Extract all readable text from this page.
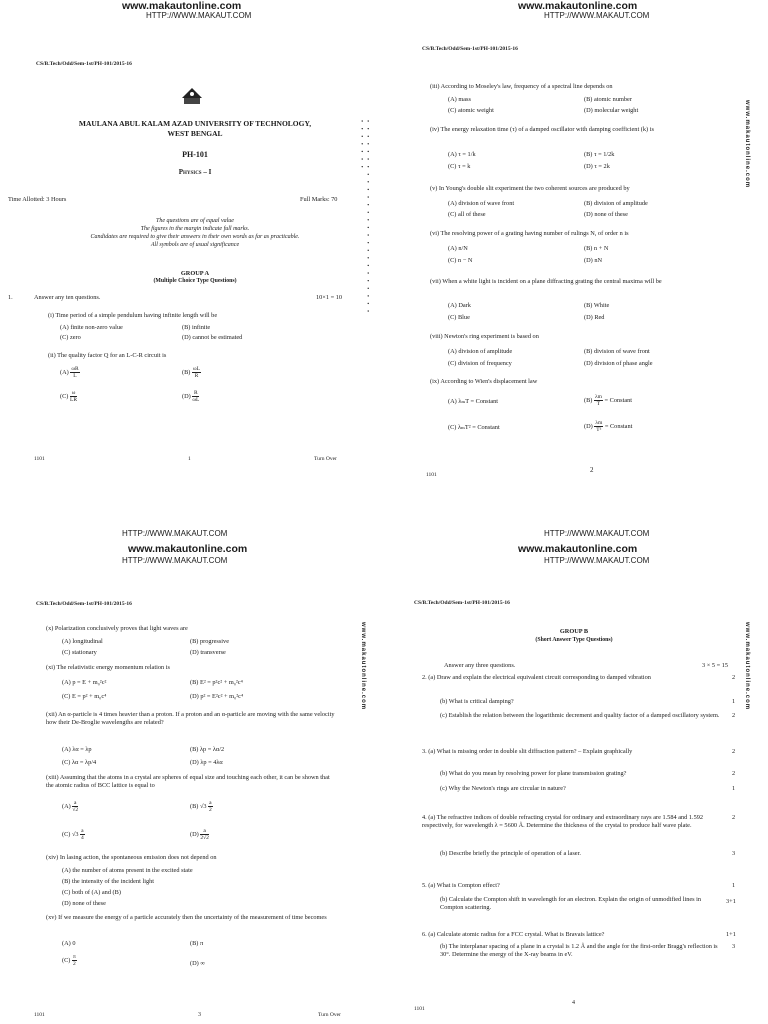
www.makautonline.com
HTTP://WWW.MAKAUT.COM
CS/B.Tech/Odd/Sem-1st/PH-101/2015-16
MAULANA ABUL KALAM AZAD UNIVERSITY OF TECHNOLOGY,
WEST BENGAL
PH-101
Physics – I
Time Allotted: 3 Hours	Full Marks: 70
The questions are of equal value
The figures in the margin indicate full marks.
Candidates are required to give their answers in their own words as far as practicable.
All symbols are of usual significance
GROUP A
(Multiple Choice Type Questions)
1.	Answer any ten questions.	10×1 = 10
(i) Time period of a simple pendulum having infinite length will be
(A) finite non-zero value	(B) infinite
(C) zero	(D) cannot be estimated
(ii) The quality factor Q for an L-C-R circuit is
$(A) \frac{\omega R}{L}$	$(B) \frac{\omega L}{R}$
$(C) \frac{\omega}{LR}$	$(D) \frac{R}{\omega L}$
1101	1	Turn Over
• • • • • • • • • • • • • • • • • • • • • • • • • • • • • • • • •
www.makautonline.com
HTTP://WWW.MAKAUT.COM
CS/B.Tech/Odd/Sem-1st/PH-101/2015-16
(iii) According to Moseley's law, frequency of a spectral line depends on
(A) mass	(B) atomic number
(C) atomic weight	(D) molecular weight
(iv) The energy relaxation time (τ) of a damped oscillator with damping coefficient (k) is
(A) τ = 1/k	(B) τ = 1/2k
(C) τ = k	(D) τ = 2k
(v) In Young's double slit experiment the two coherent sources are produced by
(A) division of wave front	(B) division of amplitude
(C) all of these	(D) none of these
(vi) The resolving power of a grating having number of rulings N, of order n is
(A) n/N	(B) n + N
(C) n − N	(D) nN
(vii) When a white light is incident on a plane diffracting grating the central maxima will be
(A) Dark	(B) White
(C) Blue	(D) Red
(viii) Newton's ring experiment is based on
(A) division of amplitude	(B) division of wave front
(C) division of frequency	(D) division of phase angle
(ix) According to Wien's displacement law
(A) λₘT = Constant	$(B) \frac{\lambda m}{T}$ = Constant
(C) λₘT² = Constant	$(D) \frac{\lambda m}{\text{T²}}$ = Constant
1101
2
www.makautonline.com
HTTP://WWW.MAKAUT.COM
www.makautonline.com
HTTP://WWW.MAKAUT.COM
CS/B.Tech/Odd/Sem-1st/PH-101/2015-16
(x) Polarization conclusively proves that light waves are
(A) longitudinal	(B) progressive
(C) stationary	(D) transverse
(xi) The relativistic energy momentum relation is
(A) p = E + m₀²c²	(B) E² = p²c² + m₀²c⁴
(C) E = p² + m₀c⁴	(D) p² = E²c² + m₀²c⁴
(xii) An α-particle is 4 times heavier than a proton. If a proton and an α-particle are moving with the same velocity how their De-Broglie wavelengths are related?
(A) λα = λp	(B) λp = λα/2
(C) λα = λp/4	(D) λp = 4λα
(xiii) Assuming that the atoms in a crystal are spheres of equal size and touching each other, it can be shown that the atomic radius of BCC lattice is equal to
$(A) \frac{a}{√2}$	(B) $√3 \frac{a}{2}$
(C) $√3 \frac{a}{4}$	$(D) \frac{a}{2√2}$
(xiv) In lasing action, the spontaneous emission does not depend on
(A) the number of atoms present in the excited state
(B) the intensity of the incident light
(C) both of (A) and (B)
(D) none of these
(xv) If we measure the energy of a particle accurately then the uncertainty of the measurement of time becomes
(A) 0	(B) π
$(C) \frac{\pi}{2}$	(D) ∞
1101	3	Turn Over
www.makautonline.com
HTTP://WWW.MAKAUT.COM
www.makautonline.com
HTTP://WWW.MAKAUT.COM
CS/B.Tech/Odd/Sem-1st/PH-101/2015-16
GROUP B
(Short Answer Type Questions)
Answer any three questions.	3 × 5 = 15
2. (a) Draw and explain the electrical equivalent circuit corresponding to damped vibration	2
(b) What is critical damping?	1
(c) Establish the relation between the logarithmic decrement and quality factor of a damped oscillatory system.	2
3. (a) What is missing order in double slit diffraction pattern? – Explain graphically	2
(b) What do you mean by resolving power for plane transmission grating?	2
(c) Why the Newton's rings are circular in nature?	1
4. (a) The refractive indices of double refracting crystal for ordinary and extraordinary rays are 1.584 and 1.592 respectively, for wavelength λ = 5600 Å. Determine the thickness of the crystal to produce half wave plate.
2
(b) Describe briefly the principle of operation of a laser.	3
5. (a) What is Compton effect?	1
(b) Calculate the Compton shift in wavelength for an electron. Explain the origin of unmodified lines in Compton scattering.
3+1
6. (a) Calculate atomic radius for a FCC crystal. What is Bravais lattice?	1+1
(b) The interplanar spacing of a plane in a crystal is 1.2 Å and the angle for the first-order Bragg's reflection is 30°. Determine the energy of the X-ray beams in eV.
3
1101
4
www.makautonline.com
